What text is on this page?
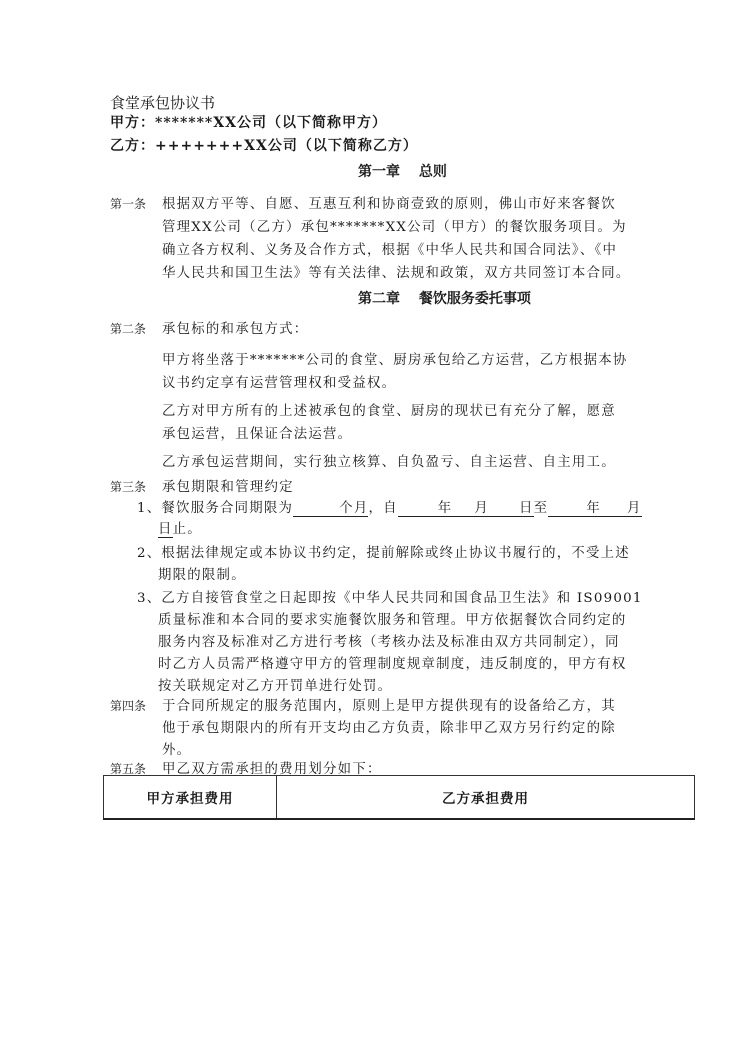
食堂承包协议书
甲方：*******XX公司（以下简称甲方）
乙方：+++++++XX公司（以下简称乙方）
第一章　 总则
第一条 根据双方平等、自愿、互惠互利和协商壹致的原则，佛山市好来客餐饮
管理XX公司（乙方）承包*******XX公司（甲方）的餐饮服务项目。为
确立各方权利、义务及合作方式，根据《中华人民共和国合同法》、《中
华人民共和国卫生法》等有关法律、法规和政策，双方共同签订本合同。
第二章　 餐饮服务委托事项
第二条 承包标的和承包方式：
甲方将坐落于*******公司的食堂、厨房承包给乙方运营，乙方根据本协
议书约定享有运营管理权和受益权。
乙方对甲方所有的上述被承包的食堂、厨房的现状已有充分了解，愿意
承包运营，且保证合法运营。
乙方承包运营期间，实行独立核算、自负盈亏、自主运营、自主用工。
第三条 承包期限和管理约定
1、餐饮服务合同期限为	个月，自	年 月 日至	年 月
日止。
2、根据法律规定或本协议书约定，提前解除或终止协议书履行的，不受上述
期限的限制。
3、乙方自接管食堂之日起即按《中华人民共同和国食品卫生法》和 IS09001
质量标准和本合同的要求实施餐饮服务和管理。甲方依据餐饮合同约定的
服务内容及标准对乙方进行考核（考核办法及标准由双方共同制定），同
时乙方人员需严格遵守甲方的管理制度规章制度，违反制度的，甲方有权
按关联规定对乙方开罚单进行处罚。
第四条 于合同所规定的服务范围内，原则上是甲方提供现有的设备给乙方，其
他于承包期限内的所有开支均由乙方负责，除非甲乙双方另行约定的除
外。
第五条 甲乙双方需承担的费用划分如下：
甲方承担费用	乙方承担费用
